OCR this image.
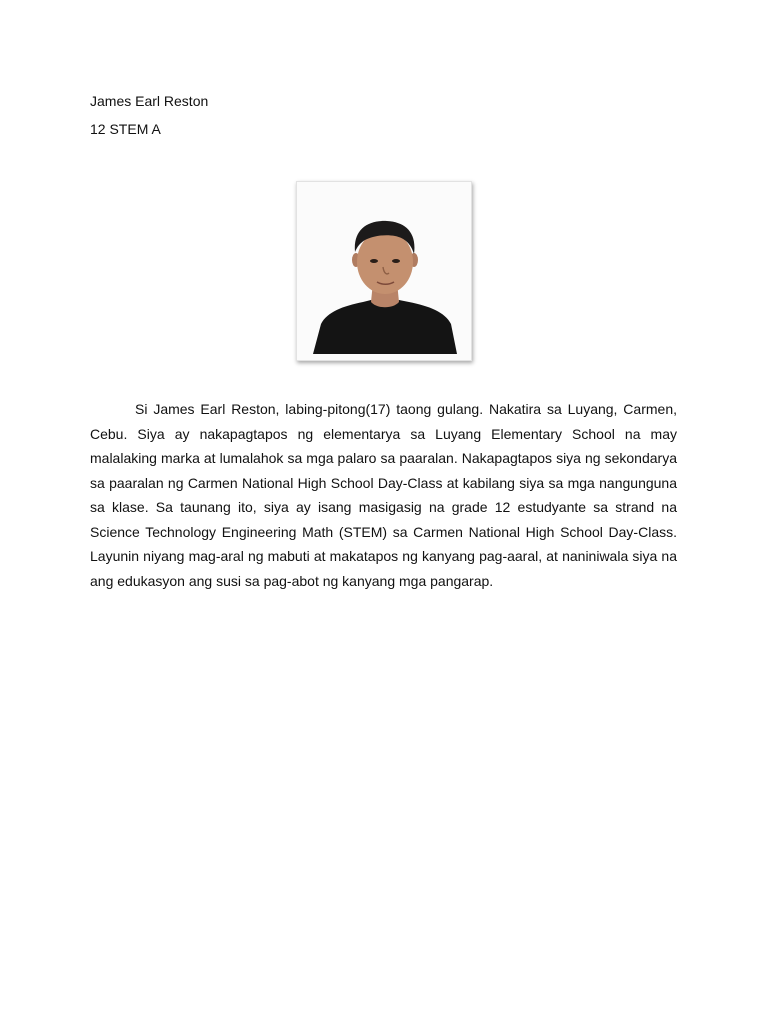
James Earl Reston

12 STEM A

Si James Earl Reston, labing-pitong(17) taong gulang. Nakatira sa Luyang, Carmen, Cebu. Siya ay nakapagtapos ng elementarya sa Luyang Elementary School na may malalaking marka at lumalahok sa mga palaro sa paaralan. Nakapagtapos siya ng sekondarya sa paaralan ng Carmen National High School Day-Class at kabilang siya sa mga nangunguna sa klase. Sa taunang ito, siya ay isang masigasig na grade 12 estudyante sa strand na Science Technology Engineering Math (STEM) sa Carmen National High School Day-Class. Layunin niyang mag-aral ng mabuti at makatapos ng kanyang pag-aaral, at naniniwala siya na ang edukasyon ang susi sa pag-abot ng kanyang mga pangarap.
